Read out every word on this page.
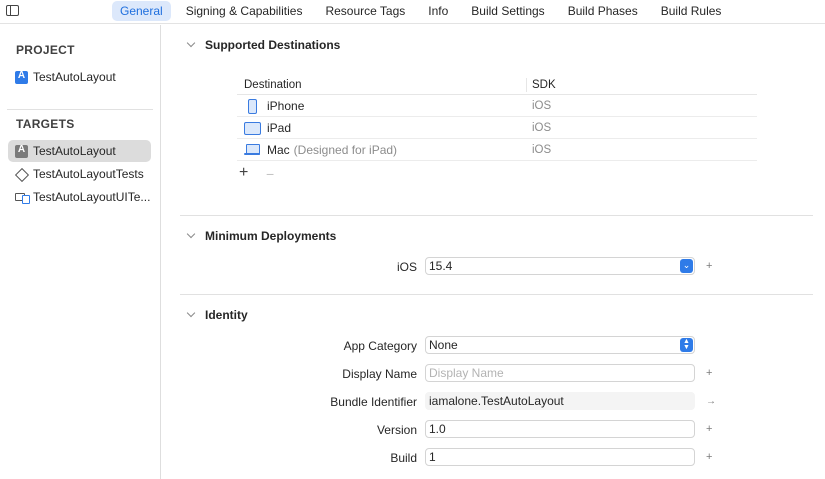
General	Signing & Capabilities	Resource Tags	Info	Build Settings	Build Phases	Build Rules
PROJECT
A
TestAutoLayout
TARGETS
A
TestAutoLayout
TestAutoLayoutTests
TestAutoLayoutUITe...
Supported Destinations
Destination	SDK
iPhone	iOS
iPad	iOS
Mac (Designed for iPad)	iOS
+ −
Minimum Deployments
iOS	15.4	⌄ +
Identity
App Category	None	▲
▼
Display Name	Display Name	+
Bundle Identifier	iamalone.TestAutoLayout	→
Version	1.0	+
Build	1	+
